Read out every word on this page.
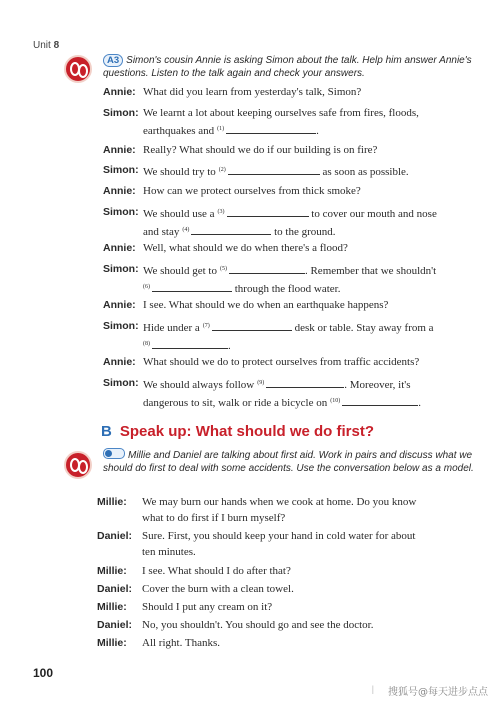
Unit 8
A3 Simon's cousin Annie is asking Simon about the talk. Help him answer Annie's questions. Listen to the talk again and check your answers.
Annie: What did you learn from yesterday's talk, Simon?
Simon: We learnt a lot about keeping ourselves safe from fires, floods,
earthquakes and $^{(1)}$	.
Annie: Really? What should we do if our building is on fire?
Simon: We should try to $^{(2)}$	as soon as possible.
Annie: How can we protect ourselves from thick smoke?
Simon: We should use a $^{(3)}$	to cover our mouth and nose
and stay $^{(4)}$	to the ground.
Annie: Well, what should we do when there's a flood?
Simon: We should get to $^{(5)}$	. Remember that we shouldn't
$^{(6)}$	through the flood water.
Annie: I see. What should we do when an earthquake happens?
Simon: Hide under a $^{(7)}$	desk or table. Stay away from a
$^{(8)}$	.
Annie: What should we do to protect ourselves from traffic accidents?
Simon: We should always follow $^{(9)}$	. Moreover, it's
dangerous to sit, walk or ride a bicycle on $^{(10)}$	.
B Speak up: What should we do first?
Millie and Daniel are talking about first aid. Work in pairs and discuss what we should do first to deal with some accidents. Use the conversation below as a model.
Millie: We may burn our hands when we cook at home. Do you know
what to do first if I burn myself?
Daniel: Sure. First, you should keep your hand in cold water for about
ten minutes.
Millie: I see. What should I do after that?
Daniel: Cover the burn with a clean towel.
Millie: Should I put any cream on it?
Daniel: No, you shouldn't. You should go and see the doctor.
Millie: All right. Thanks.
100
| 搜狐号@每天进步点点
